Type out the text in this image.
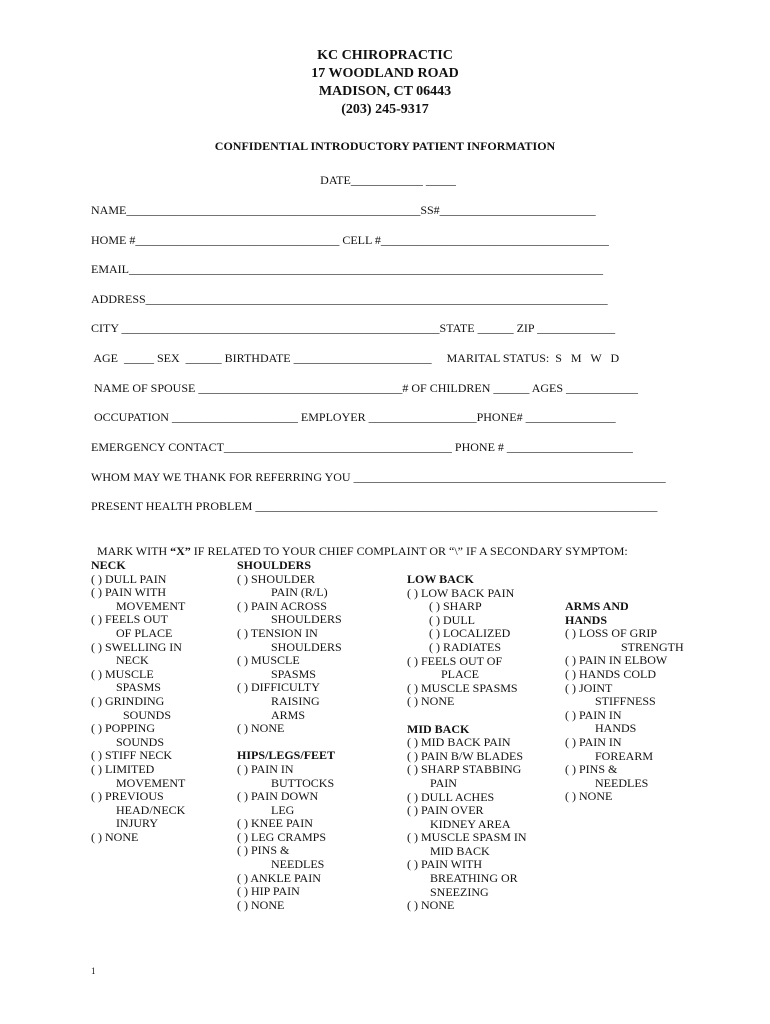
KC CHIROPRACTIC
17 WOODLAND ROAD
MADISON, CT 06443
(203) 245-9317
CONFIDENTIAL INTRODUCTORY PATIENT INFORMATION
DATE____________ _____
NAME_________________________________________________SS#__________________________
HOME #__________________________________ CELL #______________________________________
EMAIL_______________________________________________________________________________
ADDRESS_____________________________________________________________________________
CITY _____________________________________________________STATE ______ ZIP _____________
AGE  _____ SEX  ______ BIRTHDATE _______________________     MARITAL STATUS:  S   M   W   D
NAME OF SPOUSE __________________________________# OF CHILDREN ______ AGES ____________
OCCUPATION _____________________ EMPLOYER __________________PHONE# _______________
EMERGENCY CONTACT______________________________________ PHONE # _____________________
WHOM MAY WE THANK FOR REFERRING YOU ____________________________________________________
PRESENT HEALTH PROBLEM ___________________________________________________________________

MARK WITH “X” IF RELATED TO YOUR CHIEF COMPLAINT OR “\” IF A SECONDARY SYMPTOM:

NECK
( ) DULL PAIN
( ) PAIN WITH
MOVEMENT
( ) FEELS OUT
OF PLACE
( ) SWELLING IN
NECK
( ) MUSCLE
SPASMS
( ) GRINDING
SOUNDS
( ) POPPING
SOUNDS
( ) STIFF NECK
( ) LIMITED
MOVEMENT
( ) PREVIOUS
HEAD/NECK
INJURY
( ) NONE
SHOULDERS
( ) SHOULDER
PAIN (R/L)
( ) PAIN ACROSS
SHOULDERS
( ) TENSION IN
SHOULDERS
( ) MUSCLE
SPASMS
( ) DIFFICULTY
RAISING
ARMS
( ) NONE
HIPS/LEGS/FEET
( ) PAIN IN
BUTTOCKS
( ) PAIN DOWN
LEG
( ) KNEE PAIN
( ) LEG CRAMPS
( ) PINS &
NEEDLES
( ) ANKLE PAIN
( ) HIP PAIN
( ) NONE
LOW BACK
( ) LOW BACK PAIN
( ) SHARP
( ) DULL
( ) LOCALIZED
( ) RADIATES
( ) FEELS OUT OF
PLACE
( ) MUSCLE SPASMS
( ) NONE
MID BACK
( ) MID BACK PAIN
( ) PAIN B/W BLADES
( ) SHARP STABBING
PAIN
( ) DULL ACHES
( ) PAIN OVER
KIDNEY AREA
( ) MUSCLE SPASM IN
MID BACK
( ) PAIN WITH
BREATHING OR
SNEEZING
( ) NONE
ARMS AND
HANDS
( ) LOSS OF GRIP
STRENGTH
( ) PAIN IN ELBOW
( ) HANDS COLD
( ) JOINT
STIFFNESS
( ) PAIN IN
HANDS
( ) PAIN IN
FOREARM
( ) PINS &
NEEDLES
( ) NONE
1
